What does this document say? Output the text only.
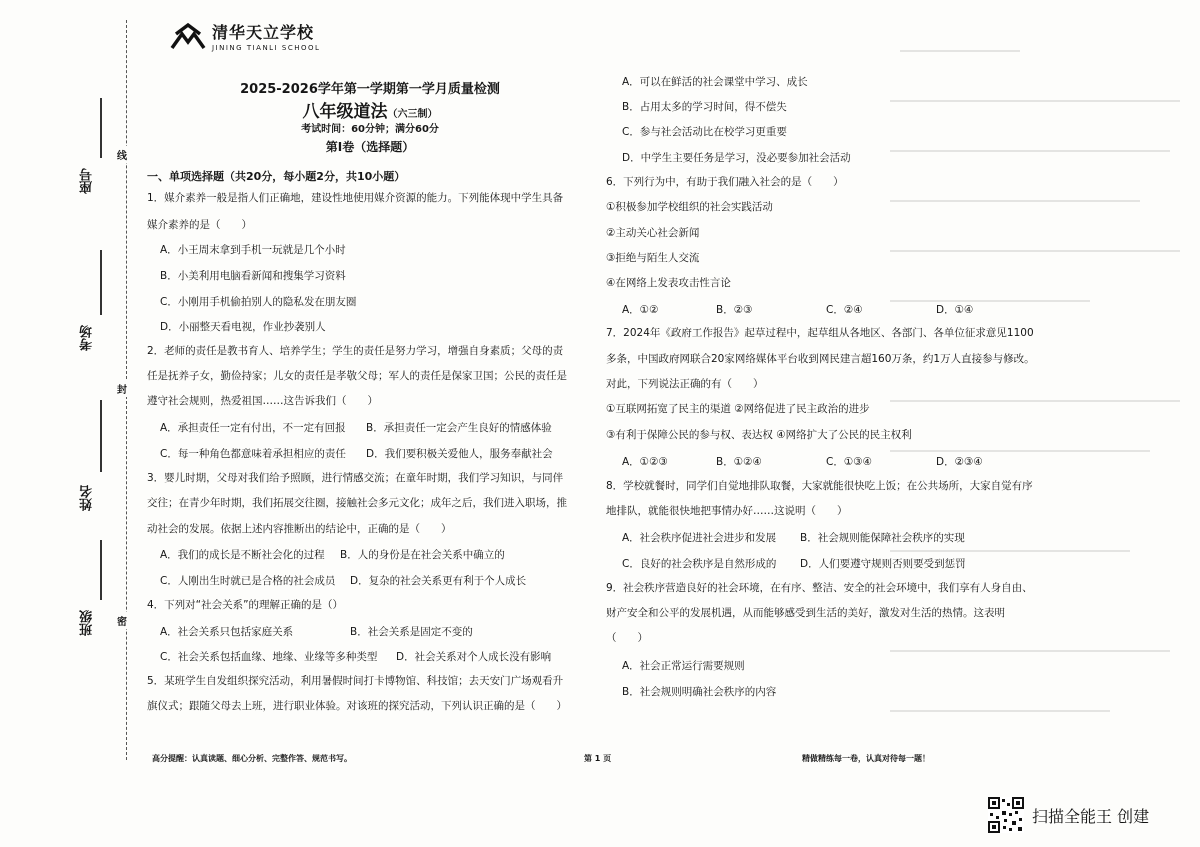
线
封
密
座号
考场
姓名
班级
清华天立学校
JINING TIANLI SCHOOL
2025-2026学年第一学期第一学月质量检测
八年级道法（六三制）
考试时间：60分钟；满分60分
第I卷（选择题）
一、单项选择题（共20分，每小题2分，共10小题）
1．媒介素养一般是指人们正确地，建设性地使用媒介资源的能力。下列能体现中学生具备
媒介素养的是（　　）
A．小王周末拿到手机一玩就是几个小时
B．小美利用电脑看新闻和搜集学习资料
C．小刚用手机偷拍别人的隐私发在朋友圈
D．小丽整天看电视，作业抄袭别人
2．老师的责任是教书育人、培养学生；学生的责任是努力学习，增强自身素质；父母的责
任是抚养子女，勤俭持家；儿女的责任是孝敬父母；军人的责任是保家卫国；公民的责任是
遵守社会规则，热爱祖国……这告诉我们（　　）
A．承担责任一定有付出，不一定有回报 B．承担责任一定会产生良好的情感体验
C．每一种角色都意味着承担相应的责任 D．我们要积极关爱他人，服务奉献社会
3．婴儿时期，父母对我们给予照顾，进行情感交流；在童年时期，我们学习知识，与同伴
交往；在青少年时期，我们拓展交往圈，接触社会多元文化；成年之后，我们进入职场，推
动社会的发展。依据上述内容推断出的结论中，正确的是（　　）
A．我们的成长是不断社会化的过程 B．人的身份是在社会关系中确立的
C．人刚出生时就已是合格的社会成员 D．复杂的社会关系更有利于个人成长
4．下列对“社会关系”的理解正确的是（）
A．社会关系只包括家庭关系	B．社会关系是固定不变的
C．社会关系包括血缘、地缘、业缘等多种类型 D．社会关系对个人成长没有影响
5．某班学生自发组织探究活动，利用暑假时间打卡博物馆、科技馆；去天安门广场观看升
旗仪式；跟随父母去上班，进行职业体验。对该班的探究活动，下列认识正确的是（　　）
A．可以在鲜活的社会课堂中学习、成长
B．占用太多的学习时间，得不偿失
C．参与社会活动比在校学习更重要
D．中学生主要任务是学习，没必要参加社会活动
6．下列行为中，有助于我们融入社会的是（　　）
①积极参加学校组织的社会实践活动
②主动关心社会新闻
③拒绝与陌生人交流
④在网络上发表攻击性言论
A．①②	B．②③	C．②④	D．①④
7．2024年《政府工作报告》起草过程中，起草组从各地区、各部门、各单位征求意见1100
多条，中国政府网联合20家网络媒体平台收到网民建言超160万条，约1万人直接参与修改。
对此，下列说法正确的有（　　）
①互联网拓宽了民主的渠道 ②网络促进了民主政治的进步
③有利于保障公民的参与权、表达权 ④网络扩大了公民的民主权利
A．①②③	B．①②④	C．①③④	D．②③④
8．学校就餐时，同学们自觉地排队取餐，大家就能很快吃上饭；在公共场所，大家自觉有序
地排队，就能很快地把事情办好……这说明（　　）
A．社会秩序促进社会进步和发展 B．社会规则能保障社会秩序的实现
C．良好的社会秩序是自然形成的 D．人们要遵守规则否则要受到惩罚
9．社会秩序营造良好的社会环境，在有序、整洁、安全的社会环境中，我们享有人身自由、
财产安全和公平的发展机遇，从而能够感受到生活的美好，激发对生活的热情。这表明
（　　）
A．社会正常运行需要规则
B．社会规则明确社会秩序的内容
高分提醒：认真读题、细心分析、完整作答、规范书写。	第 1 页	精做精练每一卷，认真对待每一题！
扫描全能王 创建
